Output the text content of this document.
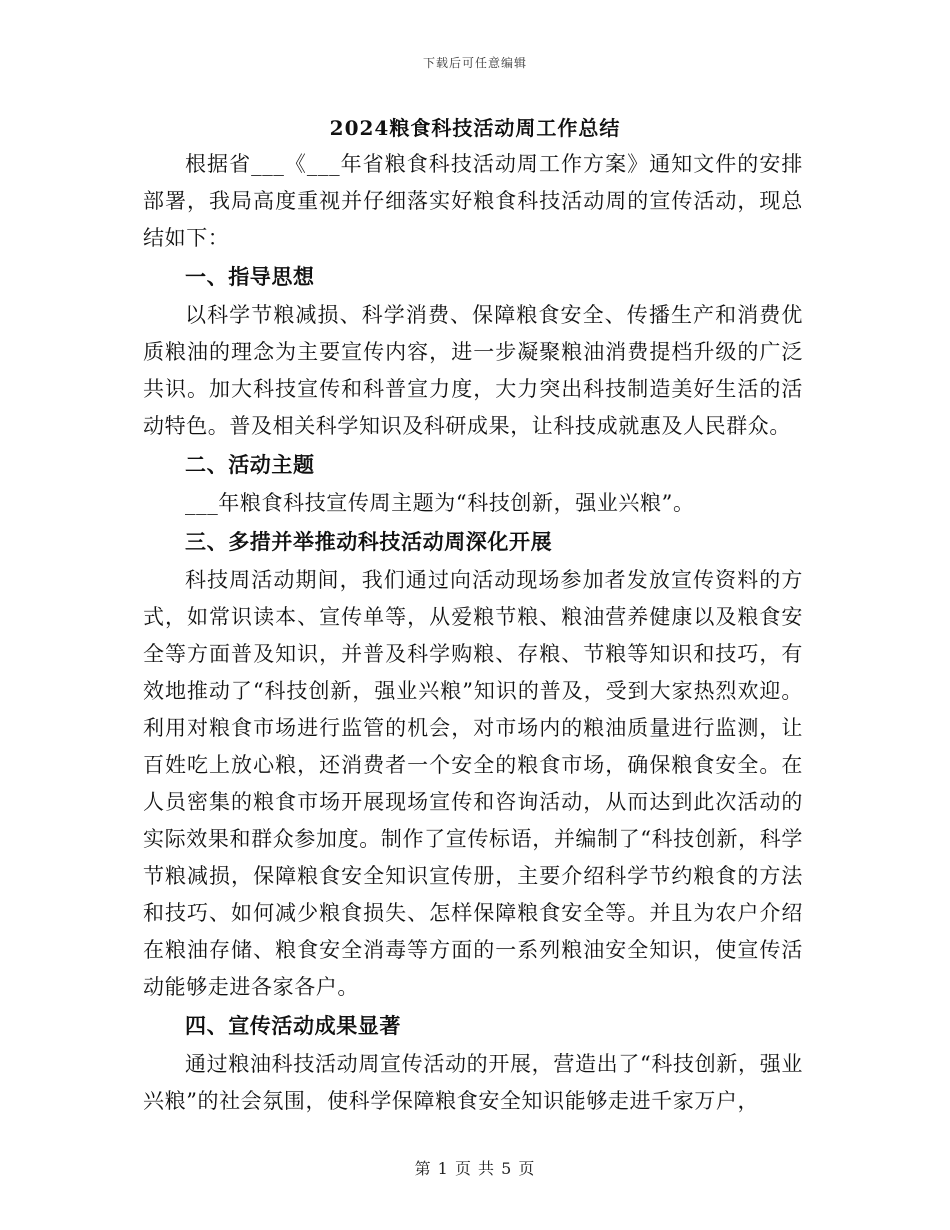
下载后可任意编辑
2024粮食科技活动周工作总结

根据省___《___年省粮食科技活动周工作方案》通知文件的安排部署，我局高度重视并仔细落实好粮食科技活动周的宣传活动，现总结如下：

一、指导思想

以科学节粮减损、科学消费、保障粮食安全、传播生产和消费优质粮油的理念为主要宣传内容，进一步凝聚粮油消费提档升级的广泛共识。加大科技宣传和科普宣力度，大力突出科技制造美好生活的活动特色。普及相关科学知识及科研成果，让科技成就惠及人民群众。

二、活动主题

___年粮食科技宣传周主题为“科技创新，强业兴粮”。

三、多措并举推动科技活动周深化开展

科技周活动期间，我们通过向活动现场参加者发放宣传资料的方式，如常识读本、宣传单等，从爱粮节粮、粮油营养健康以及粮食安全等方面普及知识，并普及科学购粮、存粮、节粮等知识和技巧，有效地推动了“科技创新，强业兴粮”知识的普及，受到大家热烈欢迎。利用对粮食市场进行监管的机会，对市场内的粮油质量进行监测，让百姓吃上放心粮，还消费者一个安全的粮食市场，确保粮食安全。在人员密集的粮食市场开展现场宣传和咨询活动，从而达到此次活动的实际效果和群众参加度。制作了宣传标语，并编制了“科技创新，科学节粮减损，保障粮食安全知识宣传册，主要介绍科学节约粮食的方法和技巧、如何减少粮食损失、怎样保障粮食安全等。并且为农户介绍在粮油存储、粮食安全消毒等方面的一系列粮油安全知识，使宣传活动能够走进各家各户。

四、宣传活动成果显著

通过粮油科技活动周宣传活动的开展，营造出了“科技创新，强业兴粮”的社会氛围，使科学保障粮食安全知识能够走进千家万户，

第 1 页 共 5 页
